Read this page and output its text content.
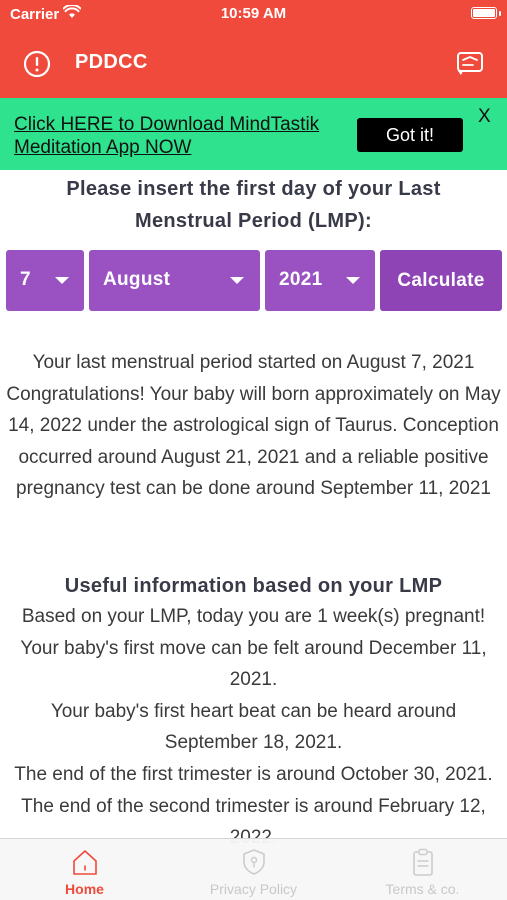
Carrier	10:59 AM
PDDCC
Click HERE to Download MindTastik Meditation App NOW
Got it!
X
Please insert the first day of your Last Menstrual Period (LMP):
7	August	2021	Calculate
Your last menstrual period started on August 7, 2021 Congratulations! Your baby will born approximately on May 14, 2022 under the astrological sign of Taurus. Conception occurred around August 21, 2021 and a reliable positive pregnancy test can be done around September 11, 2021
Useful information based on your LMP
Based on your LMP, today you are 1 week(s) pregnant!
Your baby's first move can be felt around December 11, 2021.
Your baby's first heart beat can be heard around September 18, 2021.
The end of the first trimester is around October 30, 2021.
The end of the second trimester is around February 12,
Home	Privacy Policy	Terms & co.
